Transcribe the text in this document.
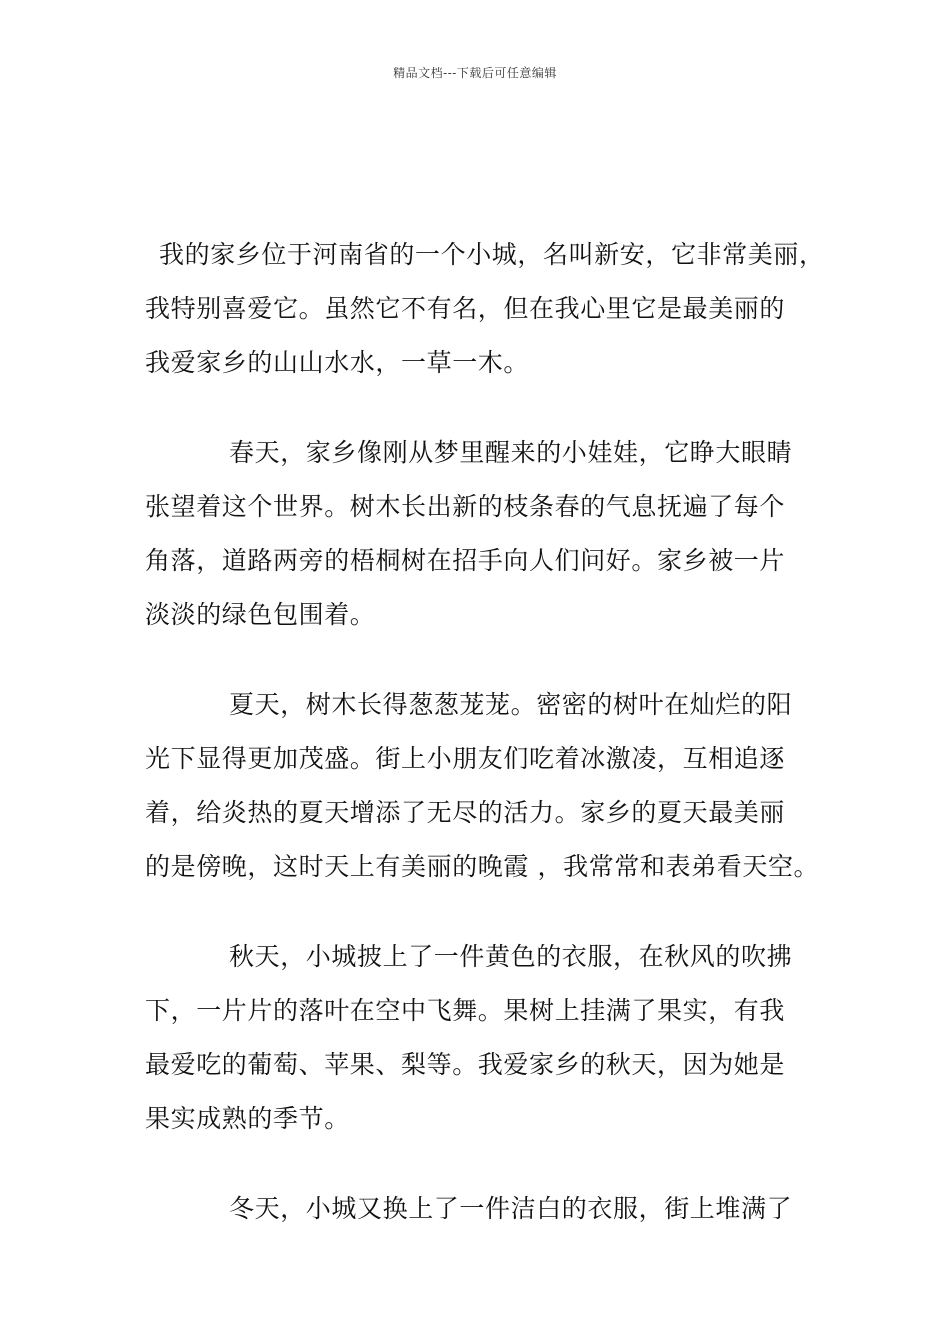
精品文档---下载后可任意编辑
我的家乡位于河南省的一个小城，名叫新安，它非常美丽，
我特别喜爱它。虽然它不有名，但在我心里它是最美丽的
我爱家乡的山山水水，一草一木。
春天，家乡像刚从梦里醒来的小娃娃，它睁大眼睛
张望着这个世界。树木长出新的枝条春的气息抚遍了每个
角落，道路两旁的梧桐树在招手向人们问好。家乡被一片
淡淡的绿色包围着。
夏天，树木长得葱葱茏茏。密密的树叶在灿烂的阳
光下显得更加茂盛。街上小朋友们吃着冰激凌，互相追逐
着，给炎热的夏天增添了无尽的活力。家乡的夏天最美丽
的是傍晚，这时天上有美丽的晚霞 ，我常常和表弟看天空。
秋天，小城披上了一件黄色的衣服，在秋风的吹拂
下，一片片的落叶在空中飞舞。果树上挂满了果实，有我
最爱吃的葡萄、苹果、梨等。我爱家乡的秋天，因为她是
果实成熟的季节。
冬天，小城又换上了一件洁白的衣服，街上堆满了
